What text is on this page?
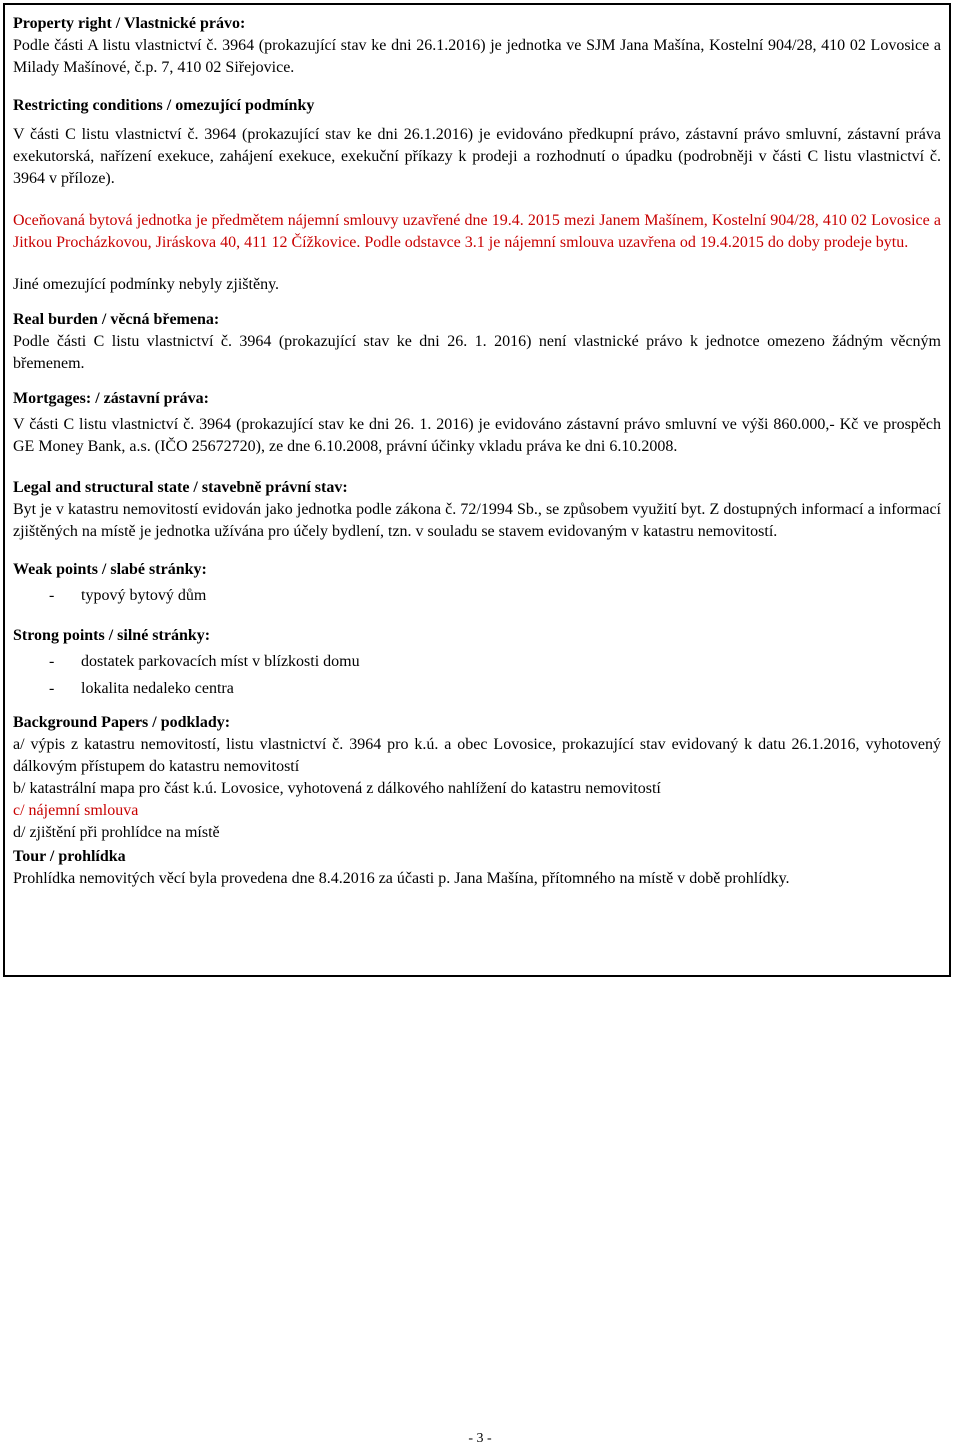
Property right / Vlastnické právo:

Podle části A listu vlastnictví č. 3964 (prokazující stav ke dni 26.1.2016) je jednotka ve SJM Jana Mašína, Kostelní 904/28, 410 02 Lovosice a Milady Mašínové, č.p. 7, 410 02 Siřejovice.

Restricting conditions / omezující podmínky

V části C listu vlastnictví č. 3964 (prokazující stav ke dni 26.1.2016) je evidováno předkupní právo, zástavní právo smluvní, zástavní práva exekutorská, nařízení exekuce, zahájení exekuce, exekuční příkazy k prodeji a rozhodnutí o úpadku (podrobněji v části C listu vlastnictví č. 3964 v příloze).

Oceňovaná bytová jednotka je předmětem nájemní smlouvy uzavřené dne 19.4. 2015 mezi Janem Mašínem, Kostelní 904/28, 410 02 Lovosice a Jitkou Procházkovou, Jiráskova 40, 411 12 Čížkovice. Podle odstavce 3.1 je nájemní smlouva uzavřena od 19.4.2015 do doby prodeje bytu.

Jiné omezující podmínky nebyly zjištěny.

Real burden / věcná břemena:

Podle části C listu vlastnictví č. 3964 (prokazující stav ke dni 26. 1. 2016) není vlastnické právo k jednotce omezeno žádným věcným břemenem.

Mortgages: / zástavní práva:

V části C listu vlastnictví č. 3964 (prokazující stav ke dni 26. 1. 2016) je evidováno zástavní právo smluvní ve výši 860.000,- Kč ve prospěch GE Money Bank, a.s. (IČO 25672720), ze dne 6.10.2008, právní účinky vkladu práva ke dni 6.10.2008.

Legal and structural state / stavebně právní stav:

Byt je v katastru nemovitostí evidován jako jednotka podle zákona č. 72/1994 Sb., se způsobem využití byt. Z dostupných informací a informací zjištěných na místě je jednotka užívána pro účely bydlení, tzn. v souladu se stavem evidovaným v katastru nemovitostí.

Weak points / slabé stránky:

-	typový bytový dům

Strong points / silné stránky:

-	dostatek parkovacích míst v blízkosti domu
-	lokalita nedaleko centra

Background Papers / podklady:

a/ výpis z katastru nemovitostí, listu vlastnictví č. 3964 pro k.ú. a obec Lovosice, prokazující stav evidovaný k datu 26.1.2016, vyhotovený dálkovým přístupem do katastru nemovitostí

b/ katastrální mapa pro část k.ú. Lovosice, vyhotovená z dálkového nahlížení do katastru nemovitostí

c/ nájemní smlouva

d/ zjištění při prohlídce na místě

Tour / prohlídka

Prohlídka nemovitých věcí byla provedena dne 8.4.2016 za účasti p. Jana Mašína, přítomného na místě v době prohlídky.

- 3 -
